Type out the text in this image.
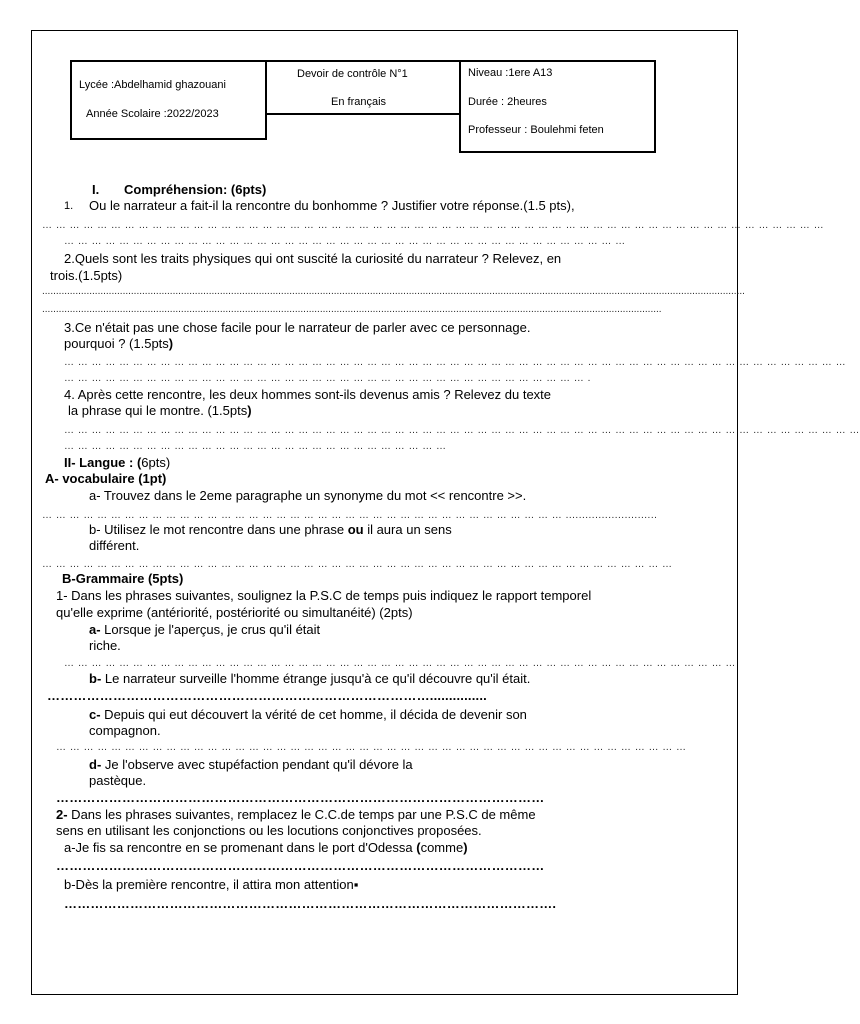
Lycée :Abdelhamid ghazouani
Année Scolaire :2022/2023
Devoir de contrôle N°1
En français
Niveau :1ere A13
Durée : 2heures
Professeur : Boulehmi feten
I. Compréhension: (6pts)
1. Ou le narrateur a fait-il la rencontre du bonhomme ? Justifier votre réponse.(1.5 pts),
… … … … … … … … … … … … … … … … … … … … … … … … … … … … … … … … … … … … … … … … … … … … … … … … … … … … … … … … …
… … … … … … … … … … … … … … … … … … … … … … … … … … … … … … … … … … … … … … … … …
2.Quels sont les traits physiques qui ont suscité la curiosité du narrateur ? Relevez, en
trois.(1.5pts)
.............................................................................................................................................................................................................................................................
...............................................................................................................................................................................................................................
3.Ce n'était pas une chose facile pour le narrateur de parler avec ce personnage.
pourquoi ? (1.5pts)
… … … … … … … … … … … … … … … … … … … … … … … … … … … … … … … … … … … … … … … … … … … … … … … … … … … … … … … … …
… … … … … … … … … … … … … … … … … … … … … … … … … … … … … … … … … … … … … … .
4. Après cette rencontre, les deux hommes sont-ils devenus amis ? Relevez du texte
la phrase qui le montre. (1.5pts)
… … … … … … … … … … … … … … … … … … … … … … … … … … … … … … … … … … … … … … … … … … … … … … … … … … … … … … … … … …
… … … … … … … … … … … … … … … … … … … … … … … … … … … …
II- Langue : (6pts)
A- vocabulaire (1pt)
a- Trouvez dans le 2eme paragraphe un synonyme du mot << rencontre >>.
… … … … … … … … … … … … … … … … … … … … … … … … … … … … … … … … … … … … … … ............................
b- Utilisez le mot rencontre dans une phrase ou il aura un sens
différent.
… … … … … … … … … … … … … … … … … … … … … … … … … … … … … … … … … … … … … … … … … … … … … …
B-Grammaire (5pts)
1- Dans les phrases suivantes, soulignez la P.S.C de temps puis indiquez le rapport temporel
qu'elle exprime (antériorité, postériorité ou simultanéité) (2pts)
a- Lorsque je l'aperçus, je crus qu'il était
riche.
… … … … … … … … … … … … … … … … … … … … … … … … … … … … … … … … … … … … … … … … … … … … … … … … …
b- Le narrateur surveille l'homme étrange jusqu'à ce qu'il découvre qu'il était.
……………………………………………………………………………...............
c- Depuis qui eut découvert la vérité de cet homme, il décida de devenir son
compagnon.
… … … … … … … … … … … … … … … … … … … … … … … … … … … … … … … … … … … … … … … … … … … … … …
d- Je l'observe avec stupéfaction pendant qu'il dévore la
pastèque.
…………………………………………………………………………………………………
2- Dans les phrases suivantes, remplacez le C.C.de temps par une P.S.C de même
sens en utilisant les conjonctions ou les locutions conjonctives proposées.
a-Je fis sa rencontre en se promenant dans le port d'Odessa (comme)
…………………………………………………………………………………………………
b-Dès la première rencontre, il attira mon attention▪
………………………………………………………………………………………………….
